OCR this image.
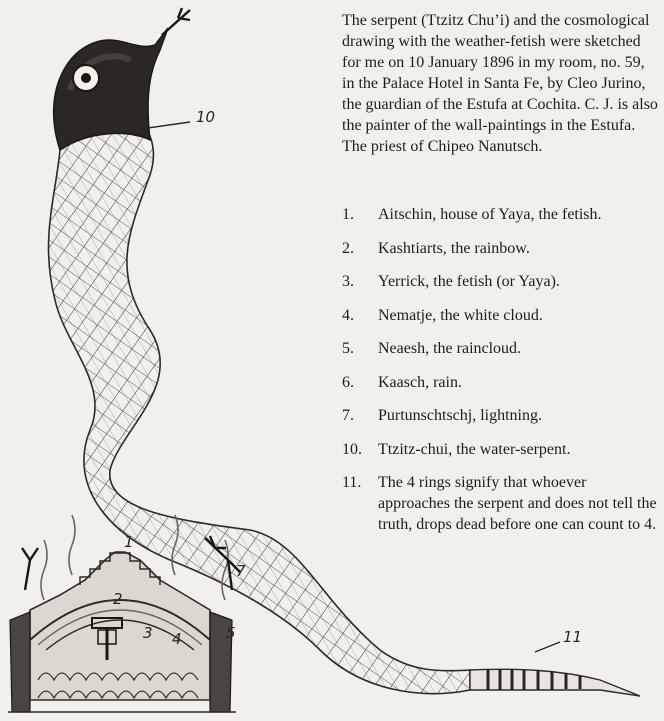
10
1
2
3 4	5
7
11

The serpent (Ttzitz Chu’i) and the cosmological drawing with the weather-fetish were sketched for me on 10 January 1896 in my room, no. 59, in the Palace Hotel in Santa Fe, by Cleo Jurino, the guardian of the Estufa at Cochita. C. J. is also the painter of the wall-paintings in the Estufa. The priest of Chipeo Nanutsch.

1.	Aitschin, house of Yaya, the fetish.
2.	Kashtiarts, the rainbow.
3.	Yerrick, the fetish (or Yaya).
4.	Nematje, the white cloud.
5.	Neaesh, the raincloud.
6.	Kaasch, rain.
7.	Purtunschtschj, lightning.
10.	Ttzitz-chui, the water-serpent.
11.	The 4 rings signify that whoever approaches the serpent and does not tell the truth, drops dead before one can count to 4.
